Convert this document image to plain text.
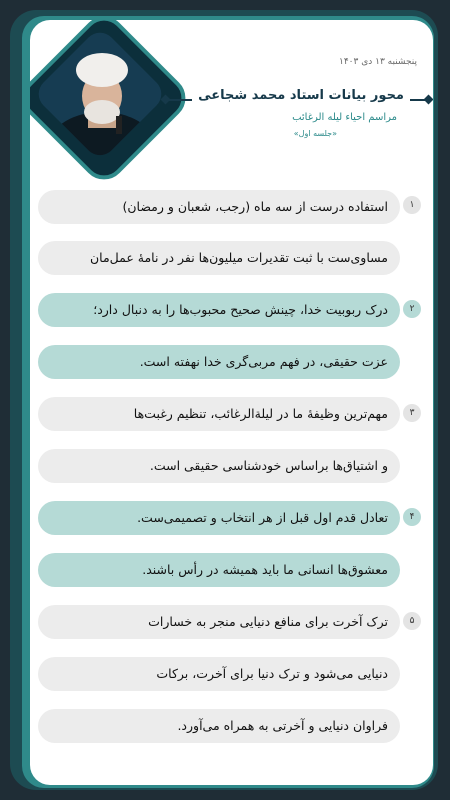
پنجشنبه ۱۳ دی ۱۴۰۳
محور بیانات استاد محمد شجاعی
مراسم احیاء لیله الرغائب
«جلسه اول»
۱
استفاده درست از سه ماه (رجب، شعبان و رمضان)
مساوی‌ست با ثبت تقدیرات میلیون‌ها نفر در نامهٔ عمل‌مان
۲
درک ربوبیت خدا، چینش صحیح محبوب‌ها را به دنبال دارد؛
عزت حقیقی، در فهم مربی‌گری خدا نهفته است.
۳
مهم‌ترین وظیفهٔ ما در لیلة‌الرغائب، تنظیم رغبت‌ها
و اشتیاق‌ها براساس خودشناسی حقیقی است.
۴
تعادل قدم اول قبل از هر انتخاب و تصمیمی‌ست.
معشوق‌ها انسانی ما باید همیشه در رأس باشند.
۵
ترک آخرت برای منافع دنیایی منجر به خسارات
دنیایی می‌شود و ترک دنیا برای آخرت، برکات
فراوان دنیایی و آخرتی به همراه می‌آورد.
